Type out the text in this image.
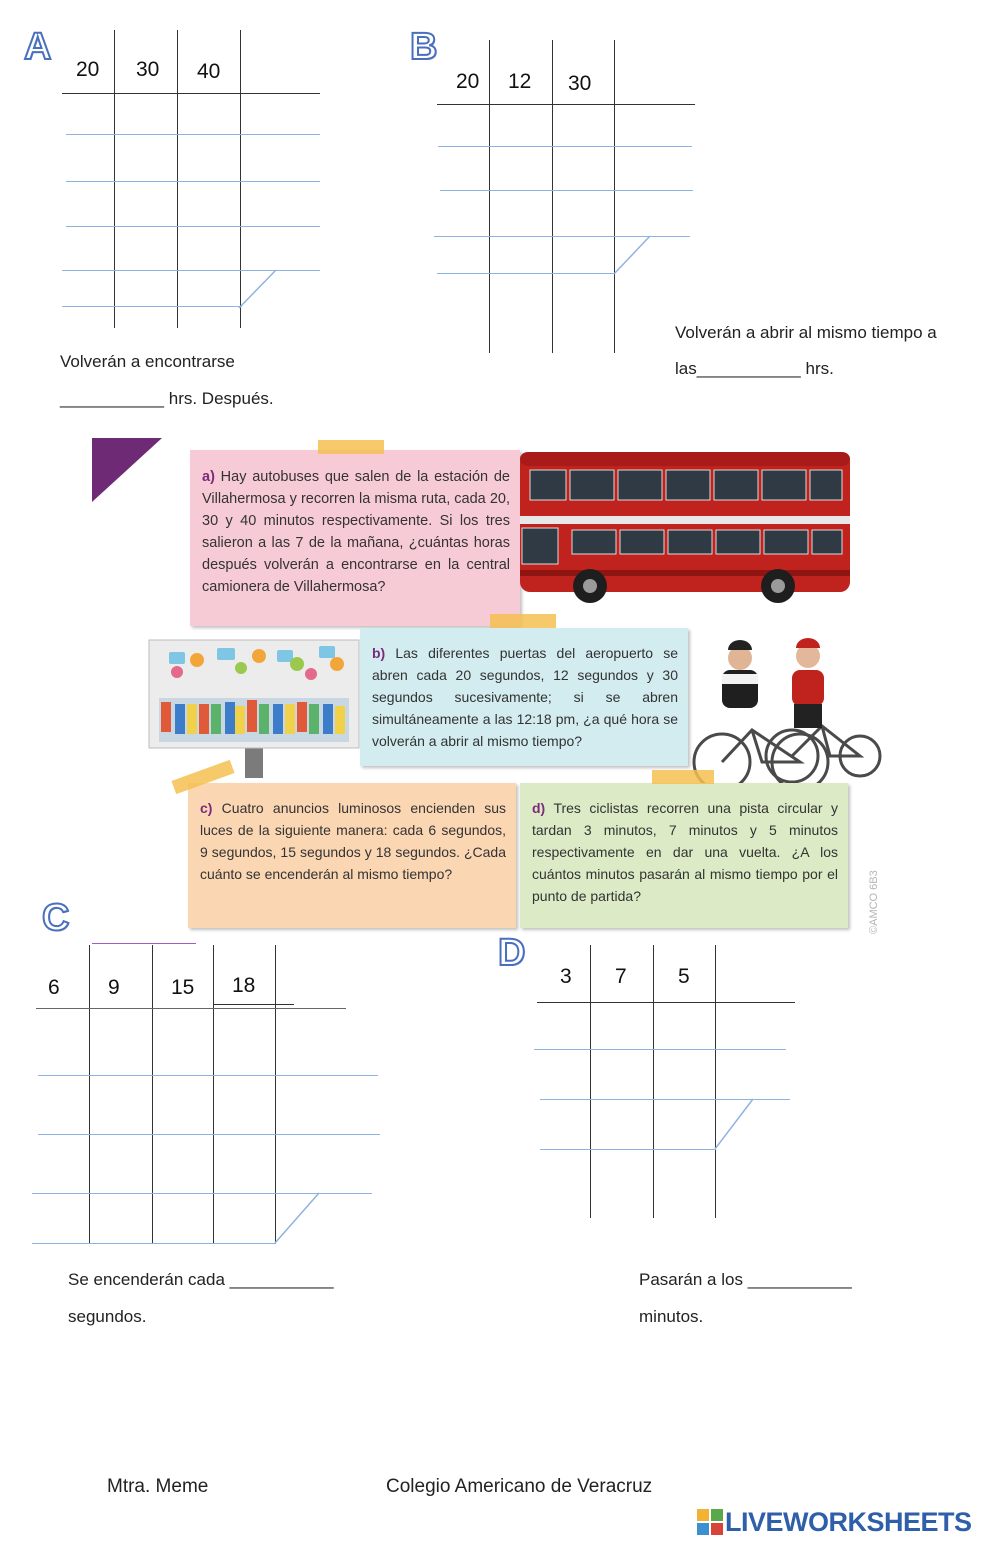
A
20 30 40
Volverán a encontrarse
___________ hrs. Después.
B
20 12 30
Volverán a abrir al mismo tiempo a
las___________ hrs.
a) Hay autobuses que salen de la estación de Villahermosa y recorren la misma ruta, cada 20, 30 y 40 minutos respectivamente. Si los tres salieron a las 7 de la mañana, ¿cuántas horas después volverán a encontrarse en la central camionera de Villahermosa?
b) Las diferentes puertas del aeropuerto se abren cada 20 segundos, 12 segundos y 30 segundos sucesivamente; si se abren simultáneamente a las 12:18 pm, ¿a qué hora se volverán a abrir al mismo tiempo?
c) Cuatro anuncios luminosos encienden sus luces de la siguiente manera: cada 6 segundos, 9 segundos, 15 segundos y 18 segundos. ¿Cada cuánto se encenderán al mismo tiempo?
d) Tres ciclistas recorren una pista circular y tardan 3 minutos, 7 minutos y 5 minutos respectivamente en dar una vuelta. ¿A los cuántos minutos pasarán al mismo tiempo por el punto de partida?	©AMCO 6B3
C
6 9 15 18
Se encenderán cada ___________
segundos.
D
3 7 5
Pasarán a los ___________
minutos.
Mtra. Meme	Colegio Americano de Veracruz
LIVEWORKSHEETS
